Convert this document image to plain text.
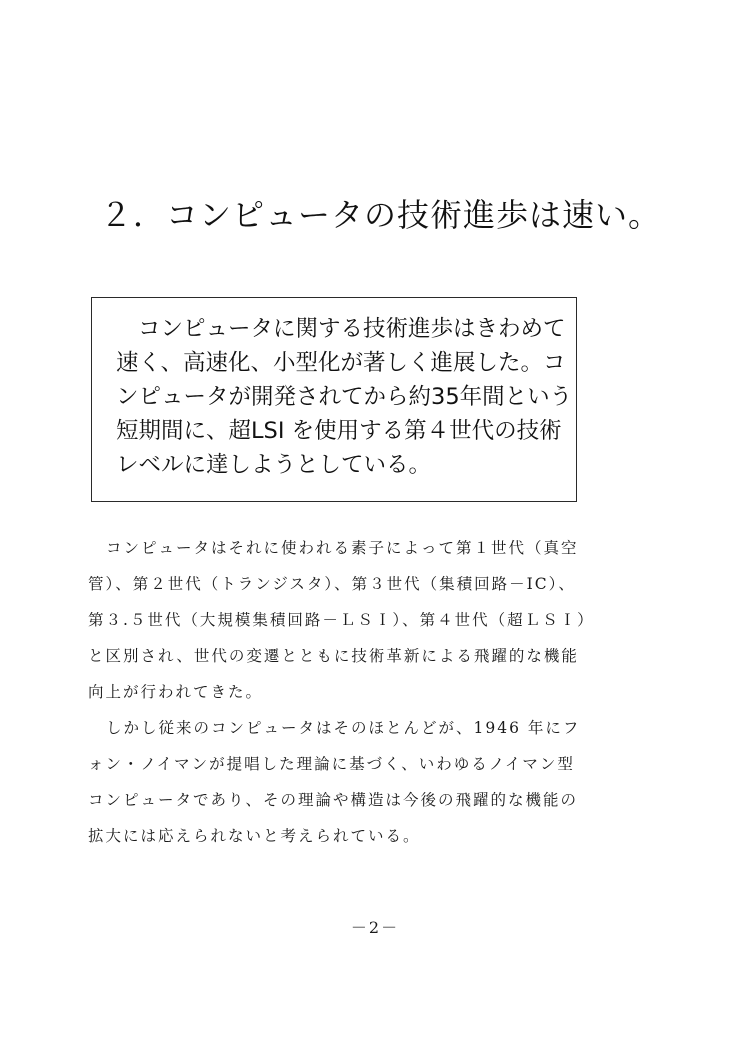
２．コンピュータの技術進歩は速い。
コンピュータに関する技術進歩はきわめて
速く、高速化、小型化が著しく進展した。コ
ンピュータが開発されてから約35年間という
短期間に、超LSI を使用する第４世代の技術
レベルに達しようとしている。
コンピュータはそれに使われる素子によって第１世代（真空
管）、第２世代（トランジスタ）、第３世代（集積回路－IC）、
第３.５世代（大規模集積回路－ＬＳＩ）、第４世代（超ＬＳＩ）
と区別され、世代の変遷とともに技術革新による飛躍的な機能
向上が行われてきた。
しかし従来のコンピュータはそのほとんどが、1946 年にフ
ォン・ノイマンが提唱した理論に基づく、いわゆるノイマン型
コンピュータであり、その理論や構造は今後の飛躍的な機能の
拡大には応えられないと考えられている。
－2－
